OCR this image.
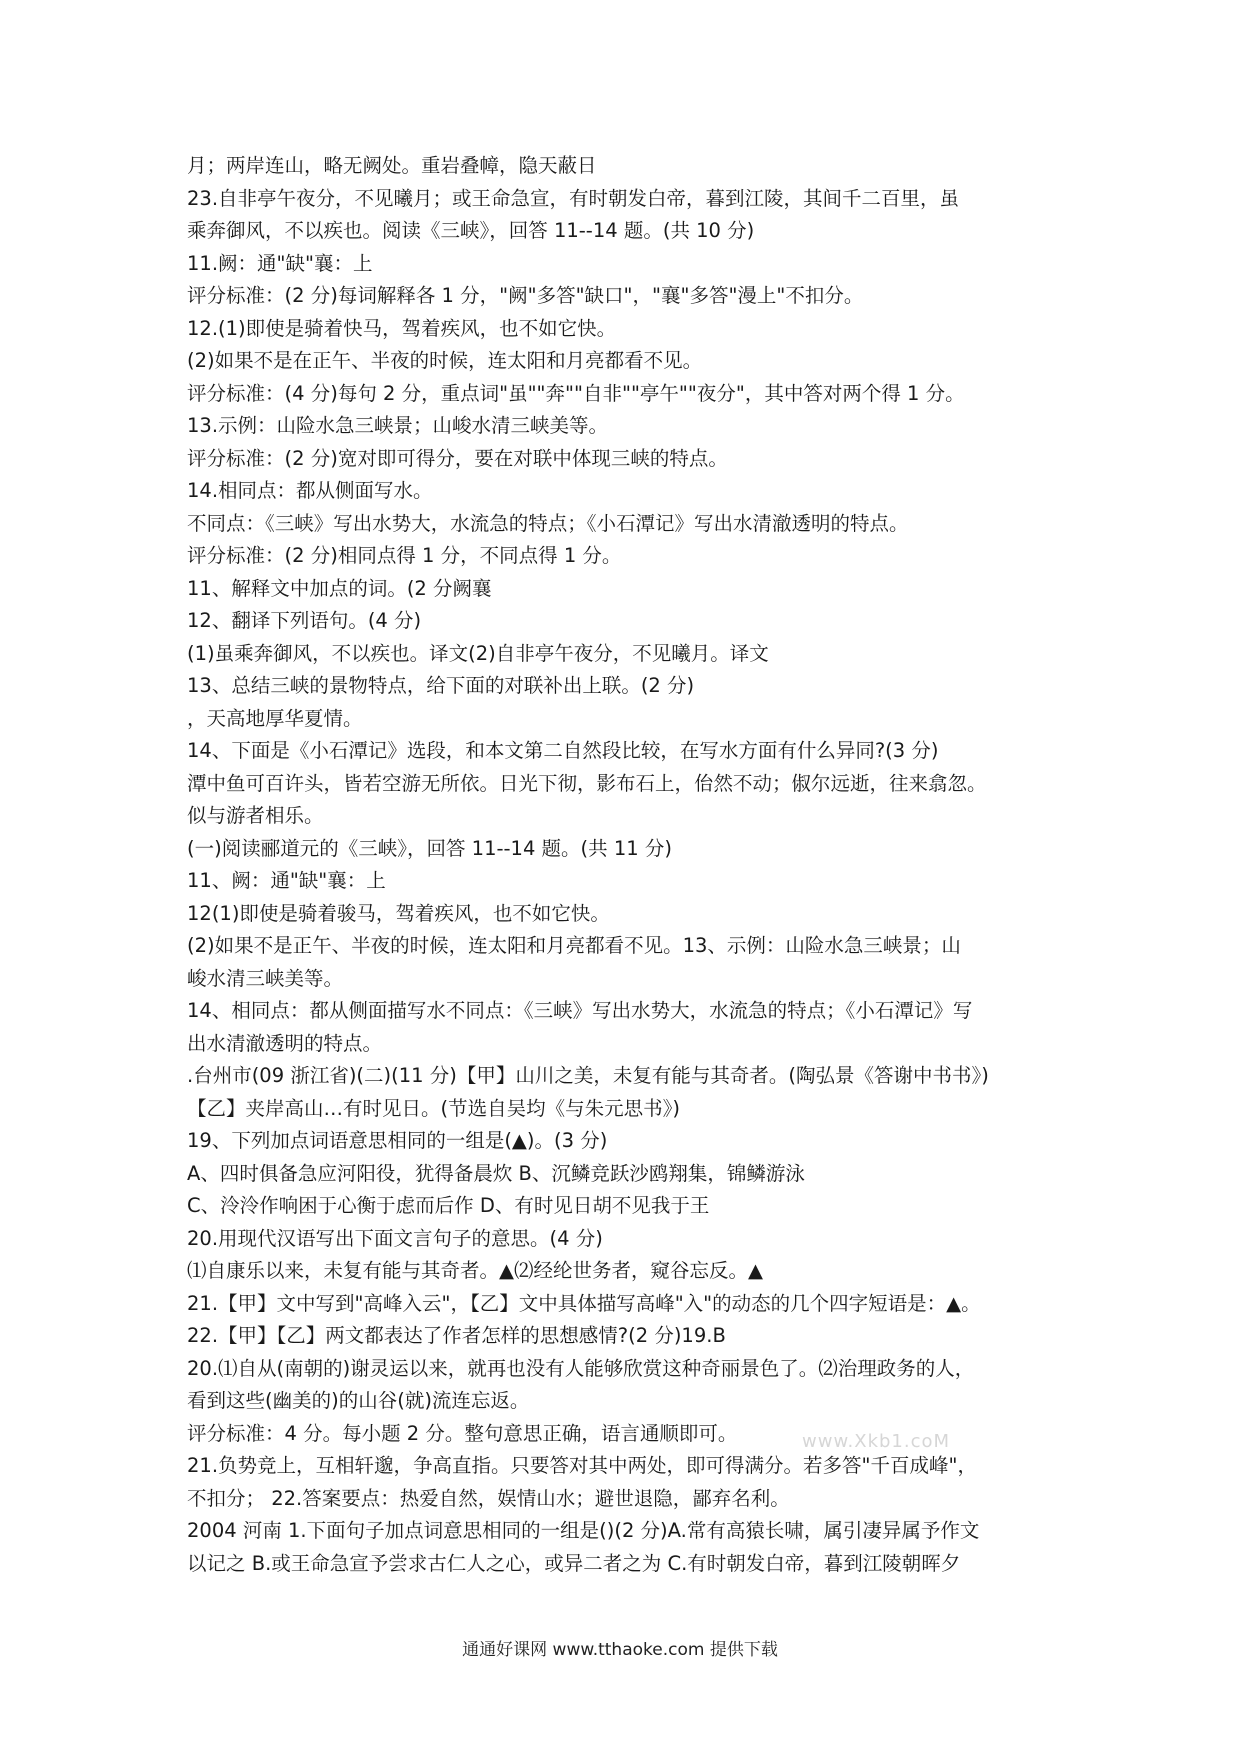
月；两岸连山，略无阙处。重岩叠幛，隐天蔽日
23.自非亭午夜分，不见曦月；或王命急宣，有时朝发白帝，暮到江陵，其间千二百里，虽
乘奔御风，不以疾也。阅读《三峡》，回答 11--14 题。(共 10 分)
11.阙：通"缺"襄：上
评分标准：(2 分)每词解释各 1 分，"阙"多答"缺口"，"襄"多答"漫上"不扣分。
12.(1)即使是骑着快马，驾着疾风，也不如它快。
(2)如果不是在正午、半夜的时候，连太阳和月亮都看不见。
评分标准：(4 分)每句 2 分，重点词"虽""奔""自非""亭午""夜分"，其中答对两个得 1 分。
13.示例：山险水急三峡景；山峻水清三峡美等。
评分标准：(2 分)宽对即可得分，要在对联中体现三峡的特点。
14.相同点：都从侧面写水。
不同点：《三峡》写出水势大，水流急的特点；《小石潭记》写出水清澈透明的特点。
评分标准：(2 分)相同点得 1 分，不同点得 1 分。
11、解释文中加点的词。(2 分阙襄
12、翻译下列语句。(4 分)
(1)虽乘奔御风，不以疾也。译文(2)自非亭午夜分，不见曦月。译文
13、总结三峡的景物特点，给下面的对联补出上联。(2 分)
，天高地厚华夏情。
14、下面是《小石潭记》选段，和本文第二自然段比较，在写水方面有什么异同?(3 分)
潭中鱼可百许头，皆若空游无所依。日光下彻，影布石上，佁然不动；俶尔远逝，往来翕忽。
似与游者相乐。
(一)阅读郦道元的《三峡》，回答 11--14 题。(共 11 分)
11、阙：通"缺"襄：上
12(1)即使是骑着骏马，驾着疾风，也不如它快。
(2)如果不是正午、半夜的时候，连太阳和月亮都看不见。13、示例：山险水急三峡景；山
峻水清三峡美等。
14、相同点：都从侧面描写水不同点：《三峡》写出水势大，水流急的特点；《小石潭记》写
出水清澈透明的特点。
.台州市(09 浙江省)(二)(11 分)【甲】山川之美，未复有能与其奇者。(陶弘景《答谢中书书》)
【乙】夹岸高山…有时见日。(节选自吴均《与朱元思书》)
19、下列加点词语意思相同的一组是(▲)。(3 分)
A、四时俱备急应河阳役，犹得备晨炊 B、沉鳞竞跃沙鸥翔集，锦鳞游泳
C、泠泠作响困于心衡于虑而后作 D、有时见日胡不见我于王
20.用现代汉语写出下面文言句子的意思。(4 分)
⑴自康乐以来，未复有能与其奇者。▲⑵经纶世务者，窥谷忘反。▲
21.【甲】文中写到"高峰入云"，【乙】文中具体描写高峰"入"的动态的几个四字短语是：▲。
22.【甲】【乙】两文都表达了作者怎样的思想感情?(2 分)19.B
20.⑴自从(南朝的)谢灵运以来，就再也没有人能够欣赏这种奇丽景色了。⑵治理政务的人，
看到这些(幽美的)的山谷(就)流连忘返。
评分标准：4 分。每小题 2 分。整句意思正确，语言通顺即可。
21.负势竞上，互相轩邈，争高直指。只要答对其中两处，即可得满分。若多答"千百成峰"，
不扣分； 22.答案要点：热爱自然，娱情山水；避世退隐，鄙弃名利。
2004 河南 1.下面句子加点词意思相同的一组是()(2 分)A.常有高猿长啸，属引凄异属予作文
以记之 B.或王命急宣予尝求古仁人之心，或异二者之为 C.有时朝发白帝，暮到江陵朝晖夕
www.Xkb1.coM
通通好课网 www.tthaoke.com 提供下载
